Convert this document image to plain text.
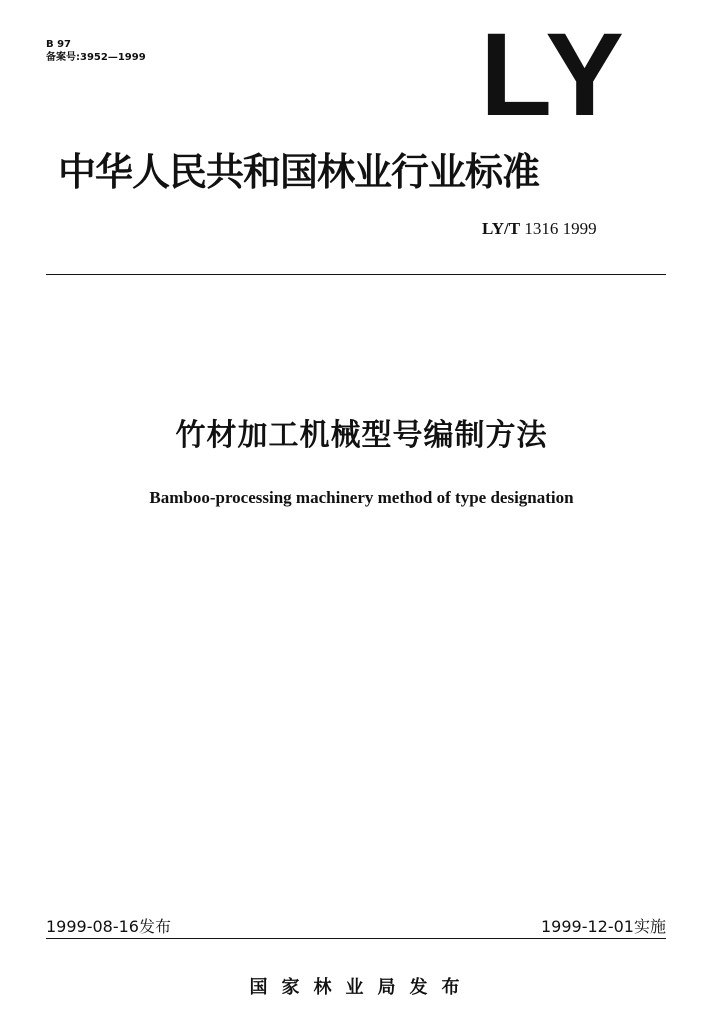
B 97
备案号:3952—1999	LY
中华人民共和国林业行业标准
LY/T 1316 1999
竹材加工机械型号编制方法
Bamboo-processing machinery method of type designation
1999-08-16发布	1999-12-01实施
国家林业局发布
